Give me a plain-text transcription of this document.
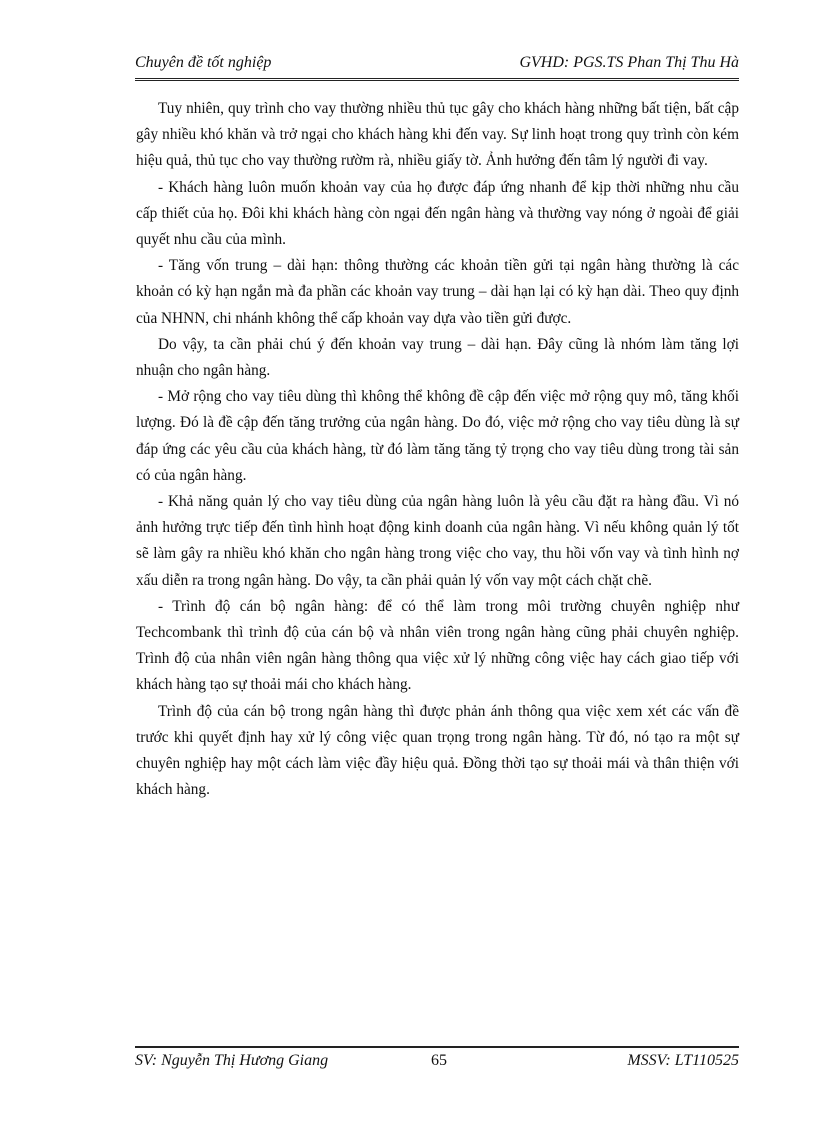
Chuyên đề tốt nghiệp	GVHD: PGS.TS Phan Thị Thu Hà

Tuy nhiên, quy trình cho vay thường nhiều thủ tục gây cho khách hàng những bất tiện, bất cập gây nhiều khó khăn và trở ngại cho khách hàng khi đến vay. Sự linh hoạt trong quy trình còn kém hiệu quả, thủ tục cho vay thường rườm rà, nhiều giấy tờ. Ảnh hưởng đến tâm lý người đi vay.

- Khách hàng luôn muốn khoản vay của họ được đáp ứng nhanh để kịp thời những nhu cầu cấp thiết của họ. Đôi khi khách hàng còn ngại đến ngân hàng và thường vay nóng ở ngoài để giải quyết nhu cầu của mình.

- Tăng vốn trung – dài hạn: thông thường các khoản tiền gửi tại ngân hàng thường là các khoản có kỳ hạn ngắn mà đa phần các khoản vay trung – dài hạn lại có kỳ hạn dài. Theo quy định của NHNN, chi nhánh không thể cấp khoản vay dựa vào tiền gửi được.

Do vậy, ta cần phải chú ý đến khoản vay trung – dài hạn. Đây cũng là nhóm làm tăng lợi nhuận cho ngân hàng.

- Mở rộng cho vay tiêu dùng thì không thể không đề cập đến việc mở rộng quy mô, tăng khối lượng. Đó là đề cập đến tăng trưởng của ngân hàng. Do đó, việc mở rộng cho vay tiêu dùng là sự đáp ứng các yêu cầu của khách hàng, từ đó làm tăng tăng tỷ trọng cho vay tiêu dùng trong tài sản có của ngân hàng.

- Khả năng quản lý cho vay tiêu dùng của ngân hàng luôn là yêu cầu đặt ra hàng đầu. Vì nó ảnh hưởng trực tiếp đến tình hình hoạt động kinh doanh của ngân hàng. Vì nếu không quản lý tốt sẽ làm gây ra nhiều khó khăn cho ngân hàng trong việc cho vay, thu hồi vốn vay và tình hình nợ xấu diễn ra trong ngân hàng. Do vậy, ta cần phải quản lý vốn vay một cách chặt chẽ.

- Trình độ cán bộ ngân hàng: để có thể làm trong môi trường chuyên nghiệp như Techcombank thì trình độ của cán bộ và nhân viên trong ngân hàng cũng phải chuyên nghiệp. Trình độ của nhân viên ngân hàng thông qua việc xử lý những công việc hay cách giao tiếp với khách hàng tạo sự thoải mái cho khách hàng.

Trình độ của cán bộ trong ngân hàng thì được phản ánh thông qua việc xem xét các vấn đề trước khi quyết định hay xử lý công việc quan trọng trong ngân hàng. Từ đó, nó tạo ra một sự chuyên nghiệp hay một cách làm việc đầy hiệu quả. Đồng thời tạo sự thoải mái và thân thiện với khách hàng.

SV: Nguyễn Thị Hương Giang	65	MSSV: LT110525
